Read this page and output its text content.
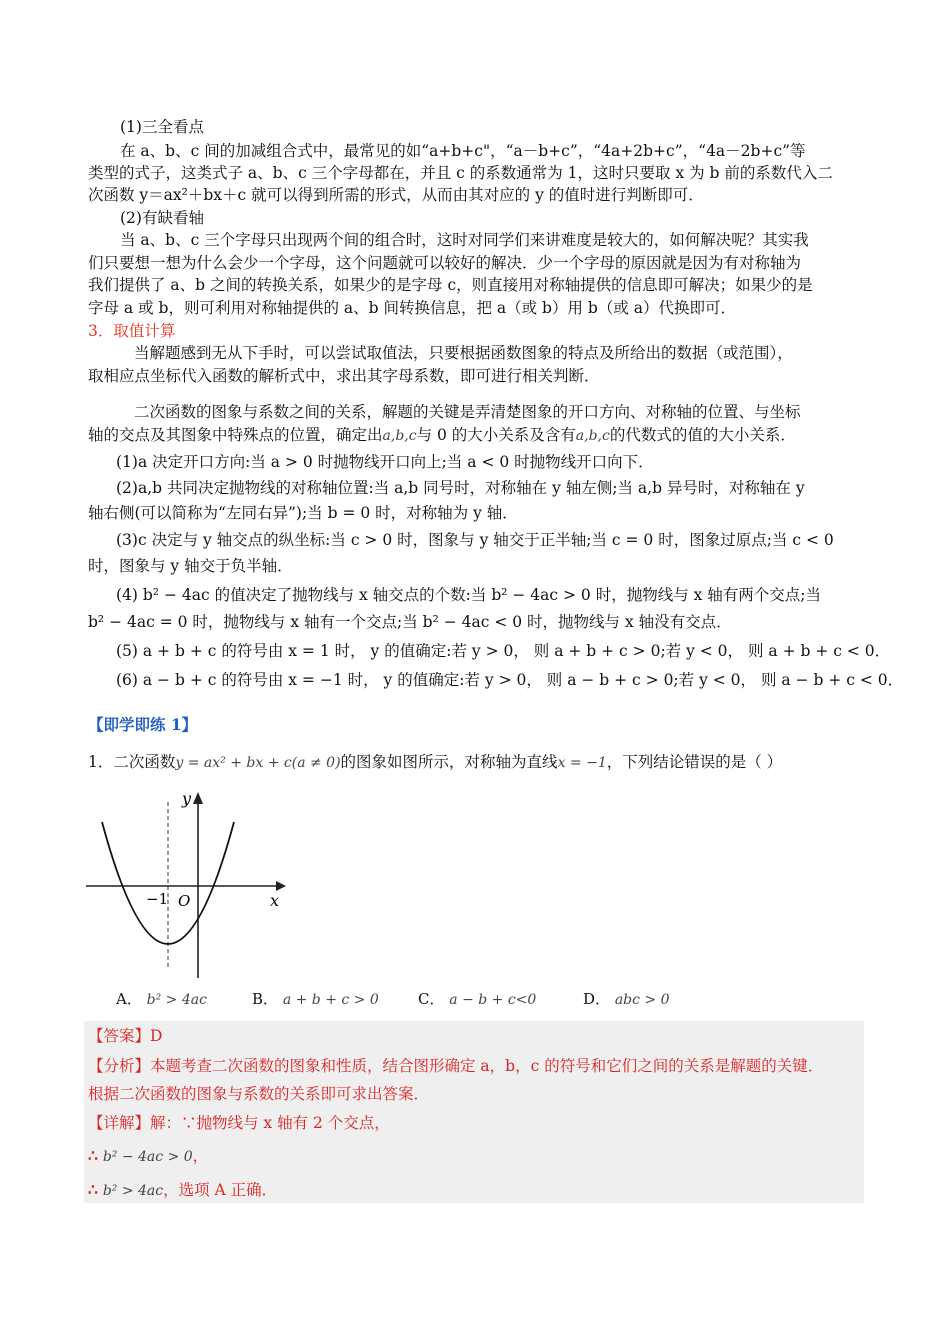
(1)三全看点
在 a、b、c 间的加减组合式中，最常见的如“a+b+c"，“a－b+c”，“4a+2b+c”，“4a－2b+c”等
类型的式子，这类式子 a、b、c 三个字母都在，并且 c 的系数通常为 1，这时只要取 x 为 b 前的系数代入二
次函数 y＝ax²＋bx＋c 就可以得到所需的形式，从而由其对应的 y 的值时进行判断即可．
(2)有缺看轴
当 a、b、c 三个字母只出现两个间的组合时，这时对同学们来讲难度是较大的，如何解决呢？其实我
们只要想一想为什么会少一个字母，这个问题就可以较好的解决．少一个字母的原因就是因为有对称轴为
我们提供了 a、b 之间的转换关系，如果少的是字母 c，则直接用对称轴提供的信息即可解决；如果少的是
字母 a 或 b，则可利用对称轴提供的 a、b 间转换信息，把 a（或 b）用 b（或 a）代换即可．
3．取值计算
当解题感到无从下手时，可以尝试取值法，只要根据函数图象的特点及所给出的数据（或范围），
取相应点坐标代入函数的解析式中，求出其字母系数，即可进行相关判断．
二次函数的图象与系数之间的关系，解题的关键是弄清楚图象的开口方向、对称轴的位置、与坐标
轴的交点及其图象中特殊点的位置，确定出a,b,c与 0 的大小关系及含有a,b,c的代数式的值的大小关系．
(1)a 决定开口方向:当 a > 0 时抛物线开口向上;当 a < 0 时抛物线开口向下．
(2)a,b 共同决定抛物线的对称轴位置:当 a,b 同号时，对称轴在 y 轴左侧;当 a,b 异号时，对称轴在 y
轴右侧(可以简称为“左同右异”);当 b = 0 时，对称轴为 y 轴．
(3)c 决定与 y 轴交点的纵坐标:当 c > 0 时，图象与 y 轴交于正半轴;当 c = 0 时，图象过原点;当 c < 0
时，图象与 y 轴交于负半轴．
(4) b² − 4ac 的值决定了抛物线与 x 轴交点的个数:当 b² − 4ac > 0 时，抛物线与 x 轴有两个交点;当
b² − 4ac = 0 时，抛物线与 x 轴有一个交点;当 b² − 4ac < 0 时，抛物线与 x 轴没有交点．
(5) a + b + c 的符号由 x = 1 时， y 的值确定:若 y > 0， 则 a + b + c > 0;若 y < 0， 则 a + b + c < 0．
(6) a − b + c 的符号由 x = −1 时， y 的值确定:若 y > 0， 则 a − b + c > 0;若 y < 0， 则 a − b + c < 0．
【即学即练 1】
1．二次函数y = ax² + bx + c(a ≠ 0)的图象如图所示，对称轴为直线x = −1，下列结论错误的是（ ）
y
x
O
−1
A． b² > 4ac	B． a + b + c > 0	C． a − b + c<0	D． abc > 0
【答案】D
【分析】本题考查二次函数的图象和性质，结合图形确定 a，b，c 的符号和它们之间的关系是解题的关键．
根据二次函数的图象与系数的关系即可求出答案．
【详解】解：∵抛物线与 x 轴有 2 个交点，
∴ b² − 4ac > 0，
∴ b² > 4ac，选项 A 正确．
